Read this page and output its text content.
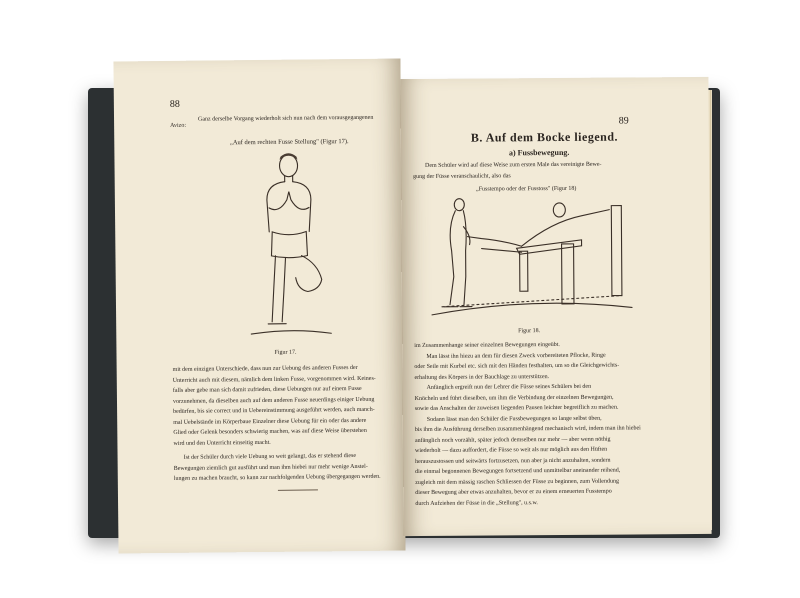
88
Avizo:
Ganz derselbe Vorgang wiederholt sich nun nach dem vorausgegangenen
„Auf dem rechten Fusse Stellung" (Figur 17).
Figur 17.
mit dem einzigen Unterschiede, dass nun zur Uebung des anderen Fusses der
Unterricht auch mit diesem, nämlich dem linken Fusse, vorgenommen wird. Keines-
falls aber gebe man sich damit zufrieden, diese Uebungen nur auf einem Fusse
vorzunehmen, da dieselben auch auf dem anderen Fusse neuerdings einiger Uebung
bedürfen, bis sie correct und in Uebereinstimmung ausgeführt werden, auch manch-
mal Uebelstände im Körperbaue Einzelner diese Uebung für ein oder das andere
Glied oder Gelenk besonders schwierig machen, was auf diese Weise überstehen
wird und den Unterricht einseitig macht.
Ist der Schüler durch viele Uebung so weit gelangt, das er stehend diese
Bewegungen ziemlich gut ausführt und man ihm hiebei nur mehr wenige Anstel-
lungen zu machen braucht, so kann zur nachfolgenden Uebung übergegangen werden.
89
B. Auf dem Bocke liegend.
a) Fussbewegung.
Dem Schüler wird auf diese Weise zum ersten Male das vereinigte Bewe-
gung der Füsse veranschaulicht, also das
„Fusstempo oder der Fusstoss" (Figur 18)
Figur 18.
im Zusammenhange seiner einzelnen Bewegungen eingeübt.
Man lässt ihn hiezu an dem für diesen Zweck vorbereiteten Pflocke, Ringe
oder Seile mit Kurbel etc. sich mit den Händen festhalten, um so die Gleichgewichts-
erhaltung des Körpers in der Bauchlage zu unterstützen.
Anfänglich ergreift nun der Lehrer die Füsse seines Schülers bei den
Knöcheln und führt dieselben, um ihm die Verbindung der einzelnen Bewegungen,
sowie das Anschalten der zuweisen liegenden Pausen leichter begreiflich zu machen.
Sodann lässt man den Schüler die Fussbewegungen so lange selbst üben,
bis ihm die Ausführung derselben zusammenhängend mechanisch wird, indem man ihn hiebei
anfänglich noch vorzählt, später jedoch demselben nur mehr — aber wenn nöthig
wiederholt — dazu auffordert, die Füsse so weit als nur möglich aus den Hüften
herauszustossen und seitwärts fortzusetzen, nun aber ja nicht anzuhalten, sondern
die einmal begonnenen Bewegungen fortsetzend und unmittelbar aneinander reihend,
zugleich mit dem mässig raschen Schliessen der Füsse zu beginnen, zum Vollendung
dieser Bewegung aber etwas anzuhalten, bevor er zu einem erneuerten Fusstempo
durch Aufziehen der Füsse in die „Stellung", u.s.w.
